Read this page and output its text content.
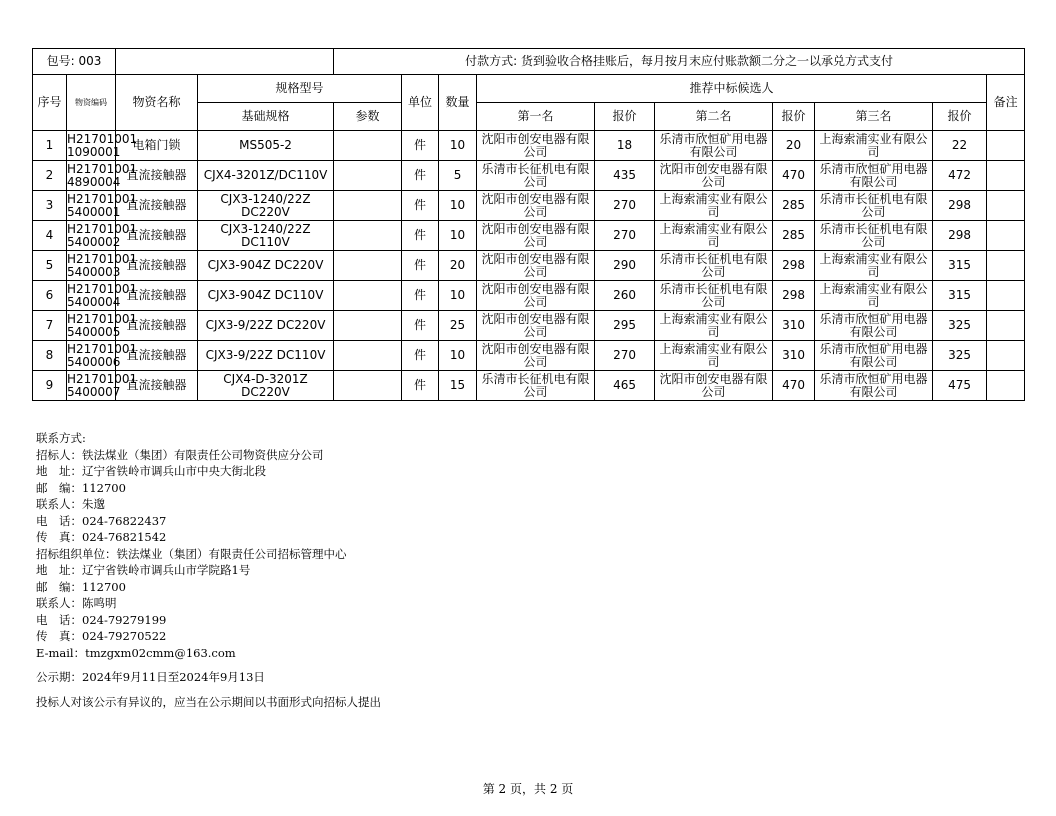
包号: 003				付款方式: 货到验收合格挂账后，每月按月末应付账款额二分之一以承兑方式支付									
序号	物资编码	物资名称	规格型号		单位	数量	推荐中标候选人						备注
			基础规格	参数			第一名	报价	第二名	报价	第三名	报价	
1	H21701001 1090001	电箱门锁	MS505-2		件	10	沈阳市创安电器有限公司	18	乐清市欣恒矿用电器有限公司	20	上海索浦实业有限公司	22	
2	H21701001 4890004	直流接触器	CJX4-3201Z/DC110V		件	5	乐清市长征机电有限公司	435	沈阳市创安电器有限公司	470	乐清市欣恒矿用电器有限公司	472	
3	H21701001 5400001	直流接触器	CJX3-1240/22Z DC220V		件	10	沈阳市创安电器有限公司	270	上海索浦实业有限公司	285	乐清市长征机电有限公司	298	
4	H21701001 5400002	直流接触器	CJX3-1240/22Z DC110V		件	10	沈阳市创安电器有限公司	270	上海索浦实业有限公司	285	乐清市长征机电有限公司	298	
5	H21701001 5400003	直流接触器	CJX3-904Z DC220V		件	20	沈阳市创安电器有限公司	290	乐清市长征机电有限公司	298	上海索浦实业有限公司	315	
6	H21701001 5400004	直流接触器	CJX3-904Z DC110V		件	10	沈阳市创安电器有限公司	260	乐清市长征机电有限公司	298	上海索浦实业有限公司	315	
7	H21701001 5400005	直流接触器	CJX3-9/22Z DC220V		件	25	沈阳市创安电器有限公司	295	上海索浦实业有限公司	310	乐清市欣恒矿用电器有限公司	325	
8	H21701001 5400006	直流接触器	CJX3-9/22Z DC110V		件	10	沈阳市创安电器有限公司	270	上海索浦实业有限公司	310	乐清市欣恒矿用电器有限公司	325	
9	H21701001 5400007	直流接触器	CJX4-D-3201Z DC220V		件	15	乐清市长征机电有限公司	465	沈阳市创安电器有限公司	470	乐清市欣恒矿用电器有限公司	475	
联系方式:
招标人：铁法煤业（集团）有限责任公司物资供应分公司
地　址：辽宁省铁岭市调兵山市中央大街北段
邮　编：112700
联系人：朱邈
电　话：024-76822437
传　真：024-76821542
招标组织单位：铁法煤业（集团）有限责任公司招标管理中心
地　址：辽宁省铁岭市调兵山市学院路1号
邮　编：112700
联系人：陈鸣明
电　话：024-79279199
传　真：024-79270522
E-mail：tmzgxm02cmm@163.com
公示期：2024年9月11日至2024年9月13日
投标人对该公示有异议的，应当在公示期间以书面形式向招标人提出
第 2 页，共 2 页
